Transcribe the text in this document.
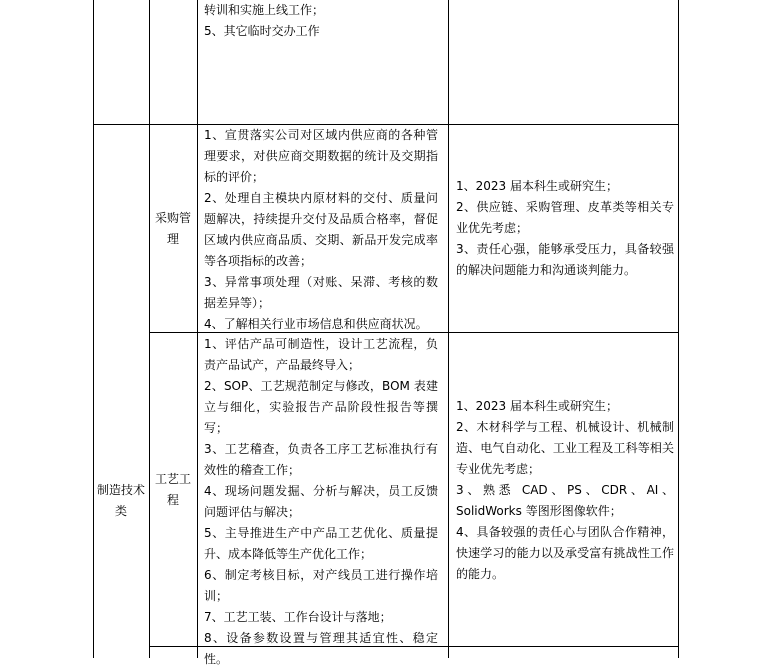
转训和实施上线工作；

5、其它临时交办工作

采购管理

1、宣贯落实公司对区域内供应商的各种管理要求，对供应商交期数据的统计及交期指标的评价；

2、处理自主模块内原材料的交付、质量问题解决，持续提升交付及品质合格率，督促区域内供应商品质、交期、新品开发完成率等各项指标的改善；

3、异常事项处理（对账、呆滞、考核的数据差异等）；

4、了解相关行业市场信息和供应商状况。

1、2023 届本科生或研究生；

2、供应链、采购管理、皮革类等相关专业优先考虑；

3、责任心强，能够承受压力，具备较强的解决问题能力和沟通谈判能力。

制造技术类

工艺工程

1、评估产品可制造性，设计工艺流程，负责产品试产，产品最终导入；

2、SOP、工艺规范制定与修改，BOM 表建立与细化，实验报告产品阶段性报告等撰写；

3、工艺稽查，负责各工序工艺标准执行有效性的稽查工作；

4、现场问题发掘、分析与解决，员工反馈问题评估与解决；

5、主导推进生产中产品工艺优化、质量提升、成本降低等生产优化工作；

6、制定考核目标，对产线员工进行操作培训；

7、工艺工装、工作台设计与落地；

8、设备参数设置与管理其适宜性、稳定性。

1、2023 届本科生或研究生；

2、木材科学与工程、机械设计、机械制造、电气自动化、工业工程及工科等相关专业优先考虑；

3、熟悉 CAD、PS、CDR、AI、SolidWorks 等图形图像软件；

4、具备较强的责任心与团队合作精神，快速学习的能力以及承受富有挑战性工作的能力。
